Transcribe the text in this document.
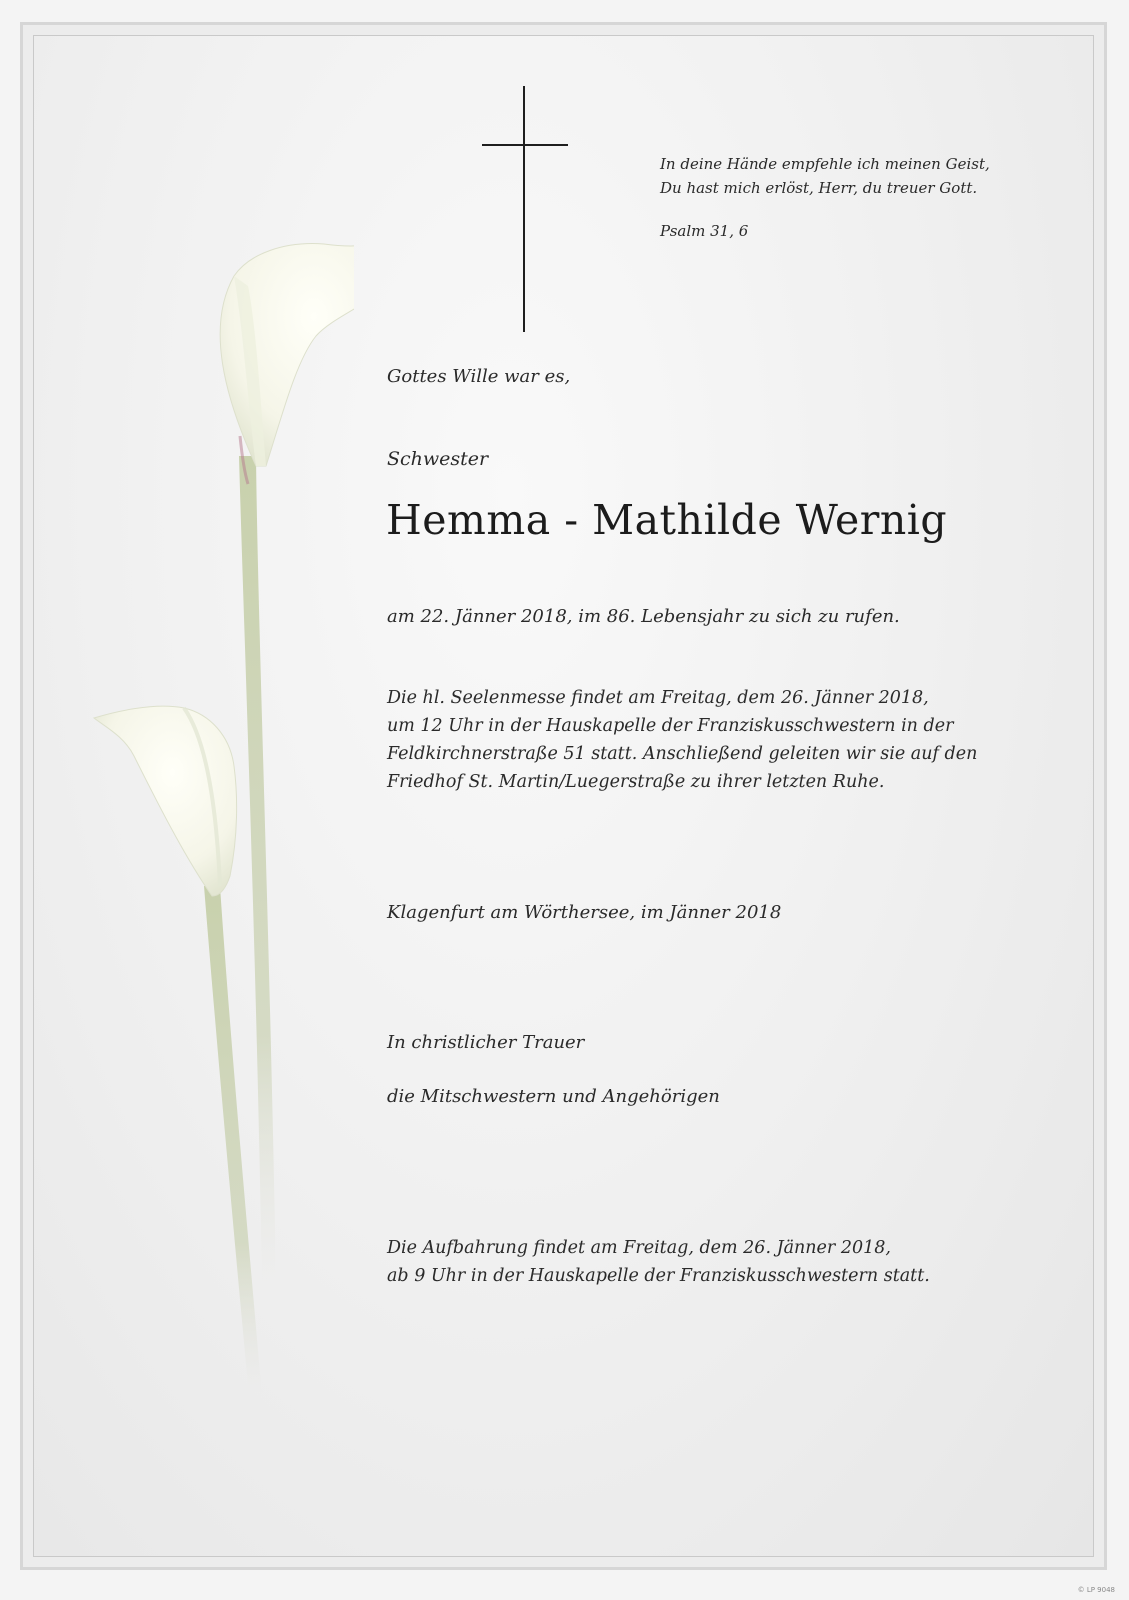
In deine Hände empfehle ich meinen Geist,
Du hast mich erlöst, Herr, du treuer Gott.
Psalm 31, 6
Gottes Wille war es,
Schwester
Hemma - Mathilde Wernig
am 22. Jänner 2018, im 86. Lebensjahr zu sich zu rufen.
Die hl. Seelenmesse findet am Freitag, dem 26. Jänner 2018,
um 12 Uhr in der Hauskapelle der Franziskusschwestern in der
Feldkirchnerstraße 51 statt. Anschließend geleiten wir sie auf den
Friedhof St. Martin/Luegerstraße zu ihrer letzten Ruhe.
Klagenfurt am Wörthersee, im Jänner 2018
In christlicher Trauer
die Mitschwestern und Angehörigen
Die Aufbahrung findet am Freitag, dem 26. Jänner 2018,
ab 9 Uhr in der Hauskapelle der Franziskusschwestern statt.
© LP 9048
